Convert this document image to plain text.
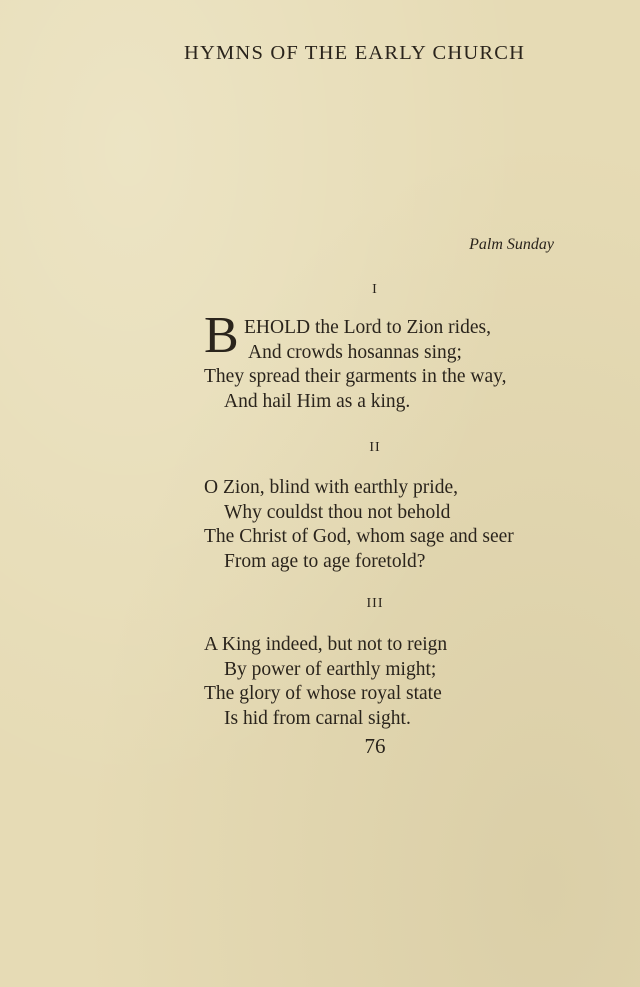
HYMNS OF THE EARLY CHURCH
Palm Sunday
I
B EHOLD the Lord to Zion rides,
And crowds hosannas sing;
They spread their garments in the way,
And hail Him as a king.
II
O Zion, blind with earthly pride,
Why couldst thou not behold
The Christ of God, whom sage and seer
From age to age foretold?
III
A King indeed, but not to reign
By power of earthly might;
The glory of whose royal state
Is hid from carnal sight.
76
